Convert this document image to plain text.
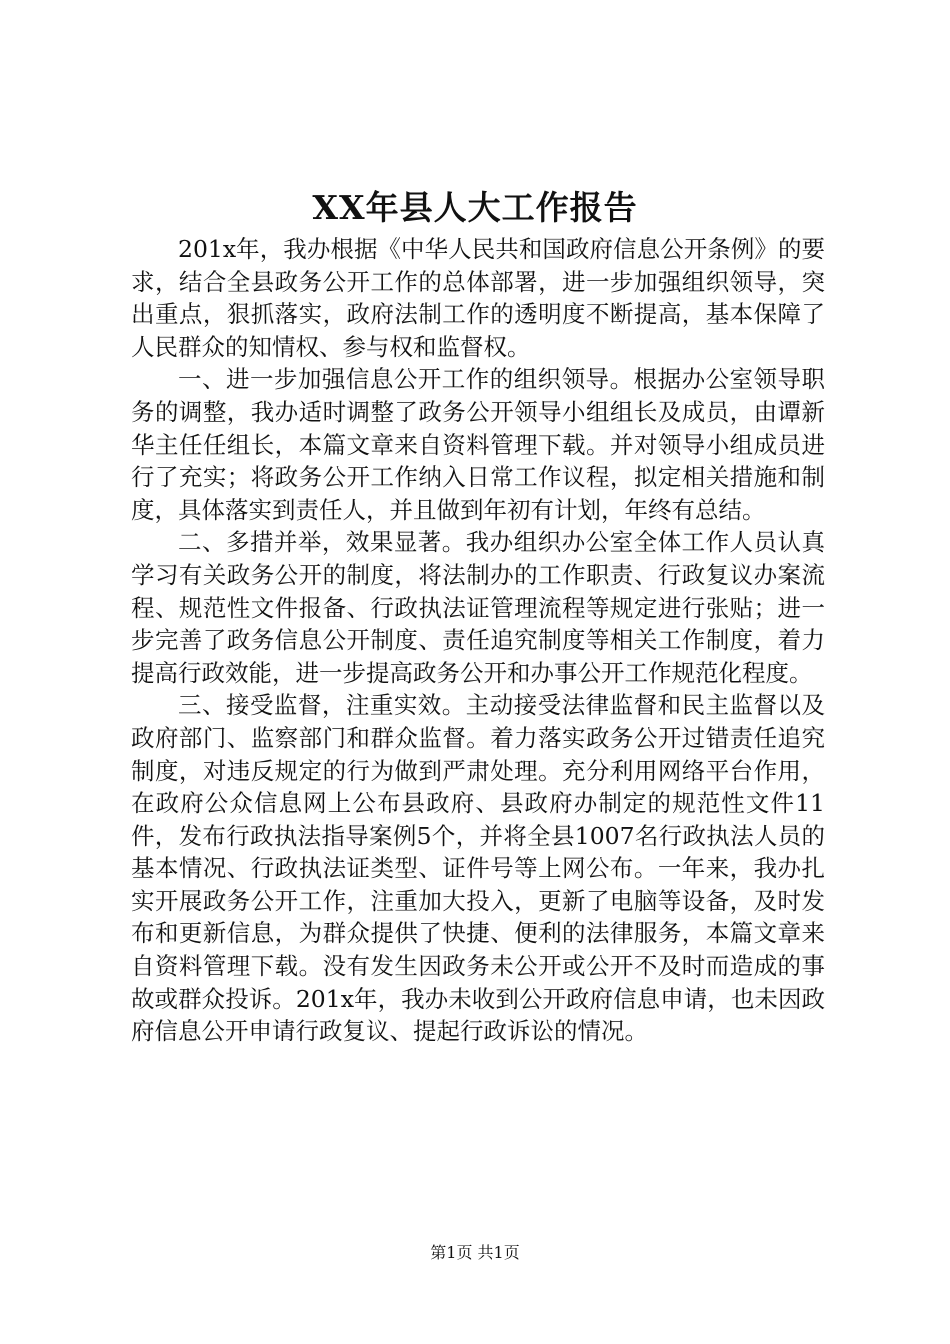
XX年县人大工作报告

201x年，我办根据《中华人民共和国政府信息公开条例》的要求，结合全县政务公开工作的总体部署，进一步加强组织领导，突出重点，狠抓落实，政府法制工作的透明度不断提高，基本保障了人民群众的知情权、参与权和监督权。

一、进一步加强信息公开工作的组织领导。根据办公室领导职务的调整，我办适时调整了政务公开领导小组组长及成员，由谭新华主任任组长，本篇文章来自资料管理下载。并对领导小组成员进行了充实；将政务公开工作纳入日常工作议程，拟定相关措施和制度，具体落实到责任人，并且做到年初有计划，年终有总结。

二、多措并举，效果显著。我办组织办公室全体工作人员认真学习有关政务公开的制度，将法制办的工作职责、行政复议办案流程、规范性文件报备、行政执法证管理流程等规定进行张贴；进一步完善了政务信息公开制度、责任追究制度等相关工作制度，着力提高行政效能，进一步提高政务公开和办事公开工作规范化程度。

三、接受监督，注重实效。主动接受法律监督和民主监督以及政府部门、监察部门和群众监督。着力落实政务公开过错责任追究制度，对违反规定的行为做到严肃处理。充分利用网络平台作用，在政府公众信息网上公布县政府、县政府办制定的规范性文件11件，发布行政执法指导案例5个，并将全县1007名行政执法人员的基本情况、行政执法证类型、证件号等上网公布。一年来，我办扎实开展政务公开工作，注重加大投入，更新了电脑等设备，及时发布和更新信息，为群众提供了快捷、便利的法律服务，本篇文章来自资料管理下载。没有发生因政务未公开或公开不及时而造成的事故或群众投诉。201x年，我办未收到公开政府信息申请，也未因政府信息公开申请行政复议、提起行政诉讼的情况。

第1页 共1页
